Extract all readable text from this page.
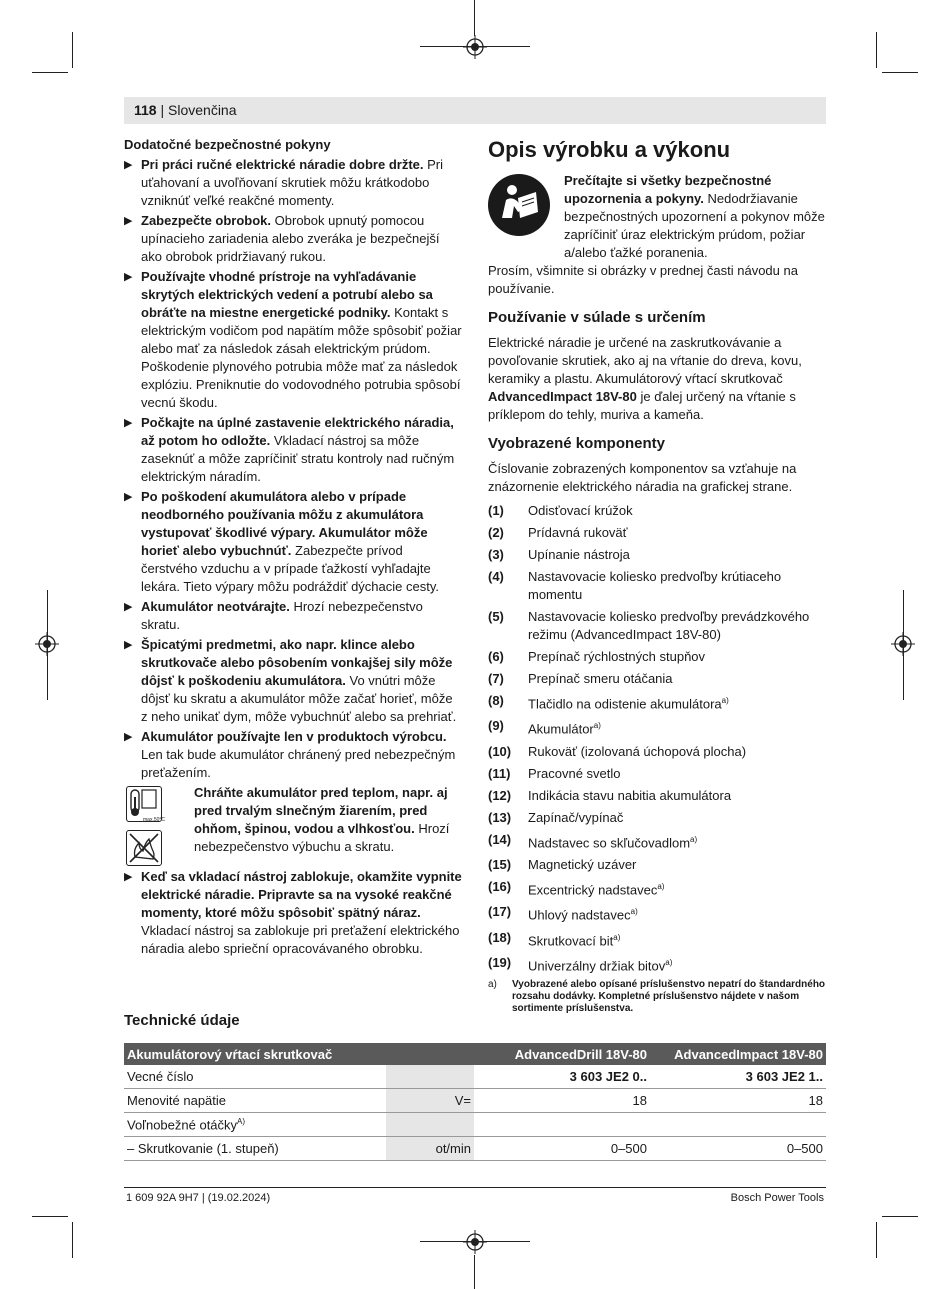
118 | Slovenčina
Dodatočné bezpečnostné pokyny
▶ Pri práci ručné elektrické náradie dobre držte. Pri uťahovaní a uvoľňovaní skrutiek môžu krátkodobo vzniknúť veľké reakčné momenty.
▶ Zabezpečte obrobok. Obrobok upnutý pomocou upínacieho zariadenia alebo zveráka je bezpečnejší ako obrobok pridržiavaný rukou.
▶ Používajte vhodné prístroje na vyhľadávanie skrytých elektrických vedení a potrubí alebo sa obráťte na miestne energetické podniky. Kontakt s elektrickým vodičom pod napätím môže spôsobiť požiar alebo mať za následok zásah elektrickým prúdom. Poškodenie plynového potrubia môže mať za následok explóziu. Preniknutie do vodovodného potrubia spôsobí vecnú škodu.
▶ Počkajte na úplné zastavenie elektrického náradia, až potom ho odložte. Vkladací nástroj sa môže zaseknúť a môže zapríčiniť stratu kontroly nad ručným elektrickým náradím.
▶ Po poškodení akumulátora alebo v prípade neodborného používania môžu z akumulátora vystupovať škodlivé výpary. Akumulátor môže horieť alebo vybuchnúť. Zabezpečte prívod čerstvého vzduchu a v prípade ťažkostí vyhľadajte lekára. Tieto výpary môžu podráždiť dýchacie cesty.
▶ Akumulátor neotvárajte. Hrozí nebezpečenstvo skratu.
▶ Špicatými predmetmi, ako napr. klince alebo skrutkovače alebo pôsobením vonkajšej sily môže dôjsť k poškodeniu akumulátora. Vo vnútri môže dôjsť ku skratu a akumulátor môže začať horieť, môže z neho unikať dym, môže vybuchnúť alebo sa prehriať.
▶ Akumulátor používajte len v produktoch výrobcu. Len tak bude akumulátor chránený pred nebezpečným preťažením.
max.50°C
Chráňte akumulátor pred teplom, napr. aj pred trvalým slnečným žiarením, pred ohňom, špinou, vodou a vlhkosťou. Hrozí nebezpečenstvo výbuchu a skratu.
▶ Keď sa vkladací nástroj zablokuje, okamžite vypnite elektrické náradie. Pripravte sa na vysoké reakčné momenty, ktoré môžu spôsobiť spätný náraz. Vkladací nástroj sa zablokuje pri preťažení elektrického náradia alebo sprieční opracovávaného obrobku.
Opis výrobku a výkonu
Prečítajte si všetky bezpečnostné upozornenia a pokyny. Nedodržiavanie bezpečnostných upozornení a pokynov môže zapríčiniť úraz elektrickým prúdom, požiar a/alebo ťažké poranenia.

Prosím, všimnite si obrázky v prednej časti návodu na používanie.

Používanie v súlade s určením

Elektrické náradie je určené na zaskrutkovávanie a povoľovanie skrutiek, ako aj na vŕtanie do dreva, kovu, keramiky a plastu. Akumulátorový vŕtací skrutkovač AdvancedImpact 18V-80 je ďalej určený na vŕtanie s príklepom do tehly, muriva a kameňa.

Vyobrazené komponenty

Číslovanie zobrazených komponentov sa vzťahuje na znázornenie elektrického náradia na grafickej strane.

(1)	Odisťovací krúžok
(2)	Prídavná rukoväť
(3)	Upínanie nástroja
(4)	Nastavovacie koliesko predvoľby krútiaceho momentu
(5)	Nastavovacie koliesko predvoľby prevádzkového režimu (AdvancedImpact 18V-80)
(6)	Prepínač rýchlostných stupňov
(7)	Prepínač smeru otáčania
(8)	Tlačidlo na odistenie akumulátora$^{a)}$
(9)	Akumulátor$^{a)}$
(10)	Rukoväť (izolovaná úchopová plocha)
(11)	Pracovné svetlo
(12)	Indikácia stavu nabitia akumulátora
(13)	Zapínač/vypínač
(14)	Nadstavec so skľučovadlom$^{a)}$
(15)	Magnetický uzáver
(16)	Excentrický nadstavec$^{a)}$
(17)	Uhlový nadstavec$^{a)}$
(18)	Skrutkovací bit$^{a)}$
(19)	Univerzálny držiak bitov$^{a)}$
a)	Vyobrazené alebo opísané príslušenstvo nepatrí do štandardného rozsahu dodávky. Kompletné príslušenstvo nájdete v našom sortimente príslušenstva.
Technické údaje
Akumulátorový vŕtací skrutkovač		AdvancedDrill 18V-80	AdvancedImpact 18V-80
Vecné číslo		3 603 JE2 0..	3 603 JE2 1..
Menovité napätie	V=	18	18
Voľnobežné otáčky$^{A)}$			
– Skrutkovanie (1. stupeň)	ot/min	0–500	0–500
1 609 92A 9H7 | (19.02.2024)	Bosch Power Tools
